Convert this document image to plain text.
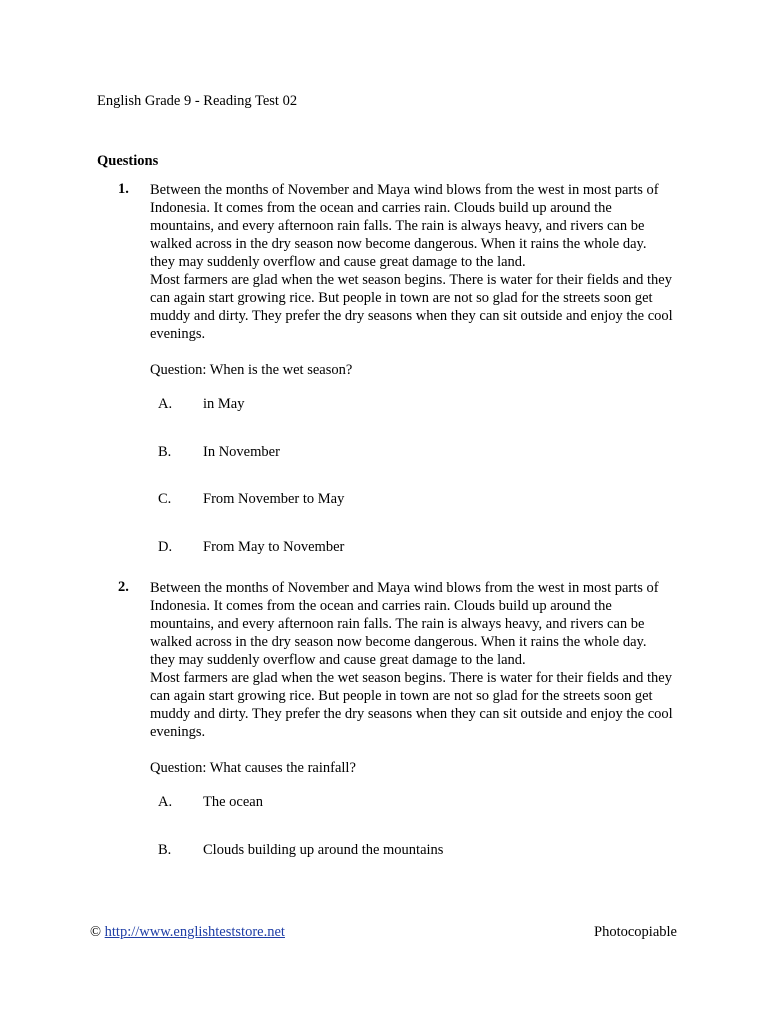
English Grade 9 - Reading Test 02
Questions
1. Between the months of November and Maya wind blows from the west in most parts of Indonesia. It comes from the ocean and carries rain. Clouds build up around the mountains, and every afternoon rain falls. The rain is always heavy, and rivers can be walked across in the dry season now become dangerous. When it rains the whole day. they may suddenly overflow and cause great damage to the land.

Most farmers are glad when the wet season begins. There is water for their fields and they can again start growing rice. But people in town are not so glad for the streets soon get muddy and dirty. They prefer the dry seasons when they can sit outside and enjoy the cool evenings.

Question: When is the wet season?

A.	in May
B.	In November
C.	From November to May
D.	From May to November
2. Between the months of November and Maya wind blows from the west in most parts of Indonesia. It comes from the ocean and carries rain. Clouds build up around the mountains, and every afternoon rain falls. The rain is always heavy, and rivers can be walked across in the dry season now become dangerous. When it rains the whole day. they may suddenly overflow and cause great damage to the land.

Most farmers are glad when the wet season begins. There is water for their fields and they can again start growing rice. But people in town are not so glad for the streets soon get muddy and dirty. They prefer the dry seasons when they can sit outside and enjoy the cool evenings.

Question: What causes the rainfall?

A.	The ocean
B.	Clouds building up around the mountains
© http://www.englishteststore.net	Photocopiable
